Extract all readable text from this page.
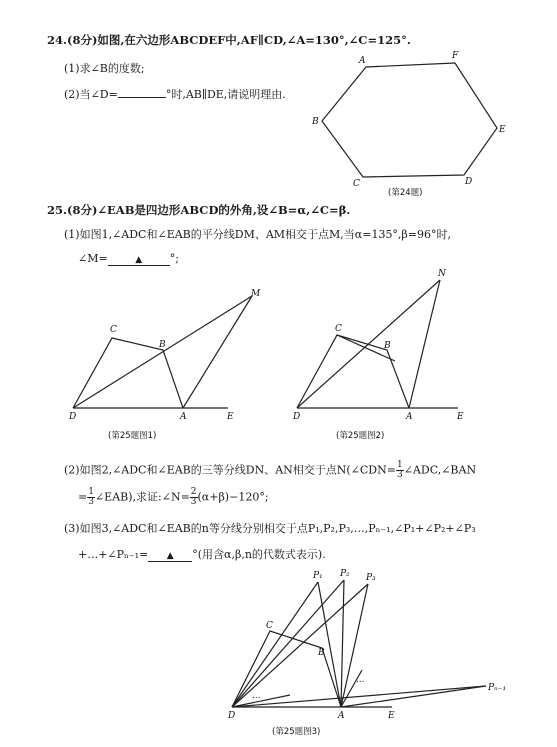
24.(8分)如图,在六边形ABCDEF中,AF∥CD,∠A=130°,∠C=125°.
(1)求∠B的度数;
(2)当∠D=	°时,AB∥DE,请说明理由.
A	F
E
D
C
B
(第24题)
25.(8分)∠EAB是四边形ABCD的外角,设∠B=α,∠C=β.
(1)如图1,∠ADC和∠EAB的平分线DM、AM相交于点M,当α=135°,β=96°时,
∠M=	▲	°;
C
B
M
D	A	E
(第25题图1)
C
B
N
D	A	E
(第25题图2)
(2)如图2,∠ADC和∠EAB的三等分线DN、AN相交于点N(∠CDN= $\frac{1}{3}$ ∠ADC,∠BAN
= $\frac{1}{3}$ ∠EAB),求证:∠N= $\frac{2}{3} (\alpha+\beta)-120^\circ$;
(3)如图3,∠ADC和∠EAB的n等分线分别相交于点P₁,P₂,P₃,…,Pₙ₋₁,∠P₁+∠P₂+∠P₃
+…+∠Pₙ₋₁= ▲ °(用含α,β,n的代数式表示).
P₁ P₂ P₃
C
B
Pₙ₋₁
D	A	E
…
…
(第25题图3)
